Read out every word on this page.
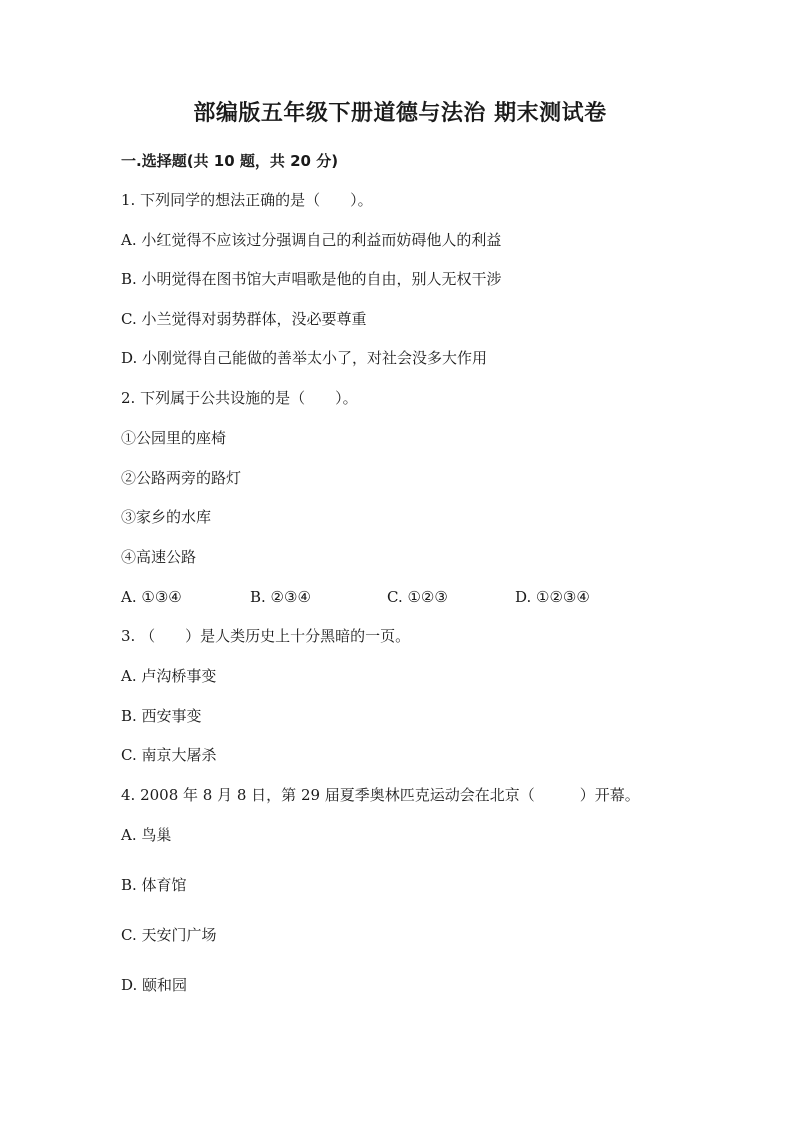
部编版五年级下册道德与法治 期末测试卷
一.选择题(共 10 题，共 20 分)
1. 下列同学的想法正确的是（　　）。
A. 小红觉得不应该过分强调自己的利益而妨碍他人的利益
B. 小明觉得在图书馆大声唱歌是他的自由，别人无权干涉
C. 小兰觉得对弱势群体，没必要尊重
D. 小刚觉得自己能做的善举太小了，对社会没多大作用
2. 下列属于公共设施的是（　　）。
①公园里的座椅
②公路两旁的路灯
③家乡的水库
④高速公路
A. ①③④	B. ②③④	C. ①②③	D. ①②③④
3. （　　）是人类历史上十分黑暗的一页。
A. 卢沟桥事变
B. 西安事变
C. 南京大屠杀
4. 2008 年 8 月 8 日，第 29 届夏季奥林匹克运动会在北京（　　　）开幕。
A. 鸟巢
B. 体育馆
C. 天安门广场
D. 颐和园
